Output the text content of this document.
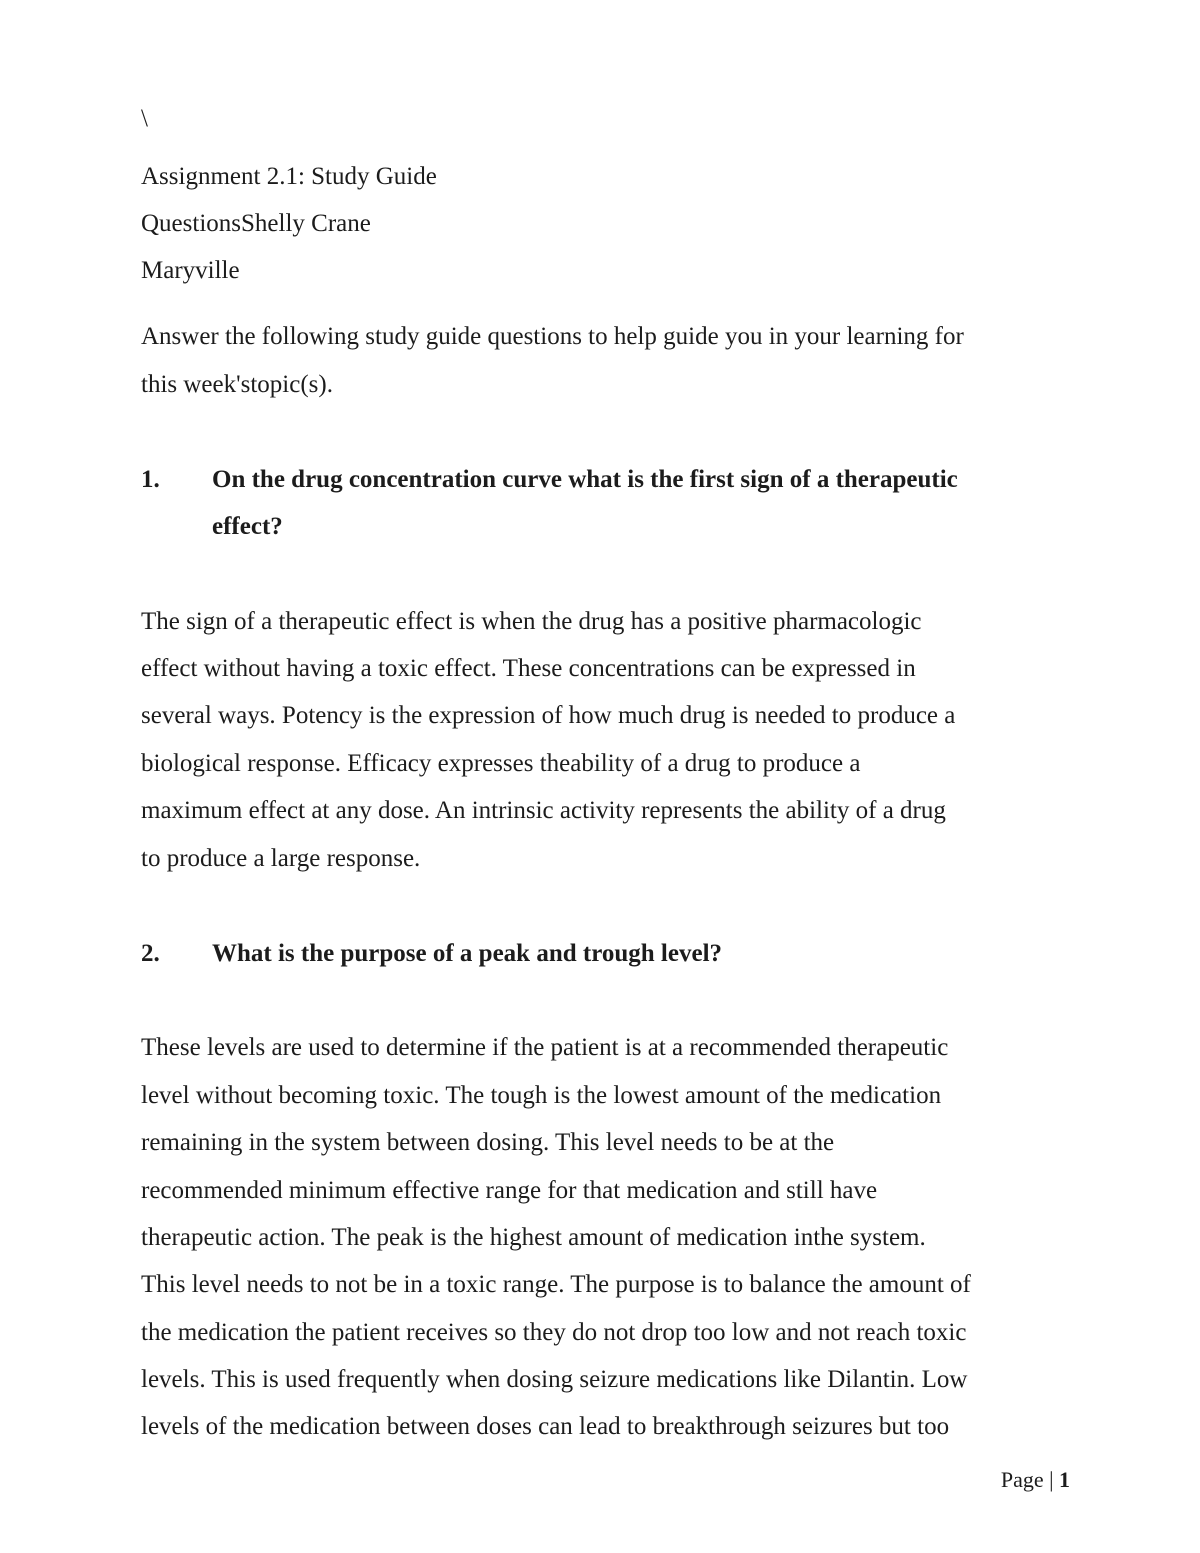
\
Assignment 2.1: Study Guide
QuestionsShelly Crane
Maryville
Answer the following study guide questions to help guide you in your learning for
this week'stopic(s).
1. On the drug concentration curve what is the first sign of a therapeutic
effect?
The sign of a therapeutic effect is when the drug has a positive pharmacologic
effect without having a toxic effect. These concentrations can be expressed in
several ways. Potency is the expression of how much drug is needed to produce a
biological response. Efficacy expresses theability of a drug to produce a
maximum effect at any dose. An intrinsic activity represents the ability of a drug
to produce a large response.
2. What is the purpose of a peak and trough level?
These levels are used to determine if the patient is at a recommended therapeutic
level without becoming toxic. The tough is the lowest amount of the medication
remaining in the system between dosing. This level needs to be at the
recommended minimum effective range for that medication and still have
therapeutic action. The peak is the highest amount of medication inthe system.
This level needs to not be in a toxic range. The purpose is to balance the amount of
the medication the patient receives so they do not drop too low and not reach toxic
levels. This is used frequently when dosing seizure medications like Dilantin. Low
levels of the medication between doses can lead to breakthrough seizures but too
Page | 1
